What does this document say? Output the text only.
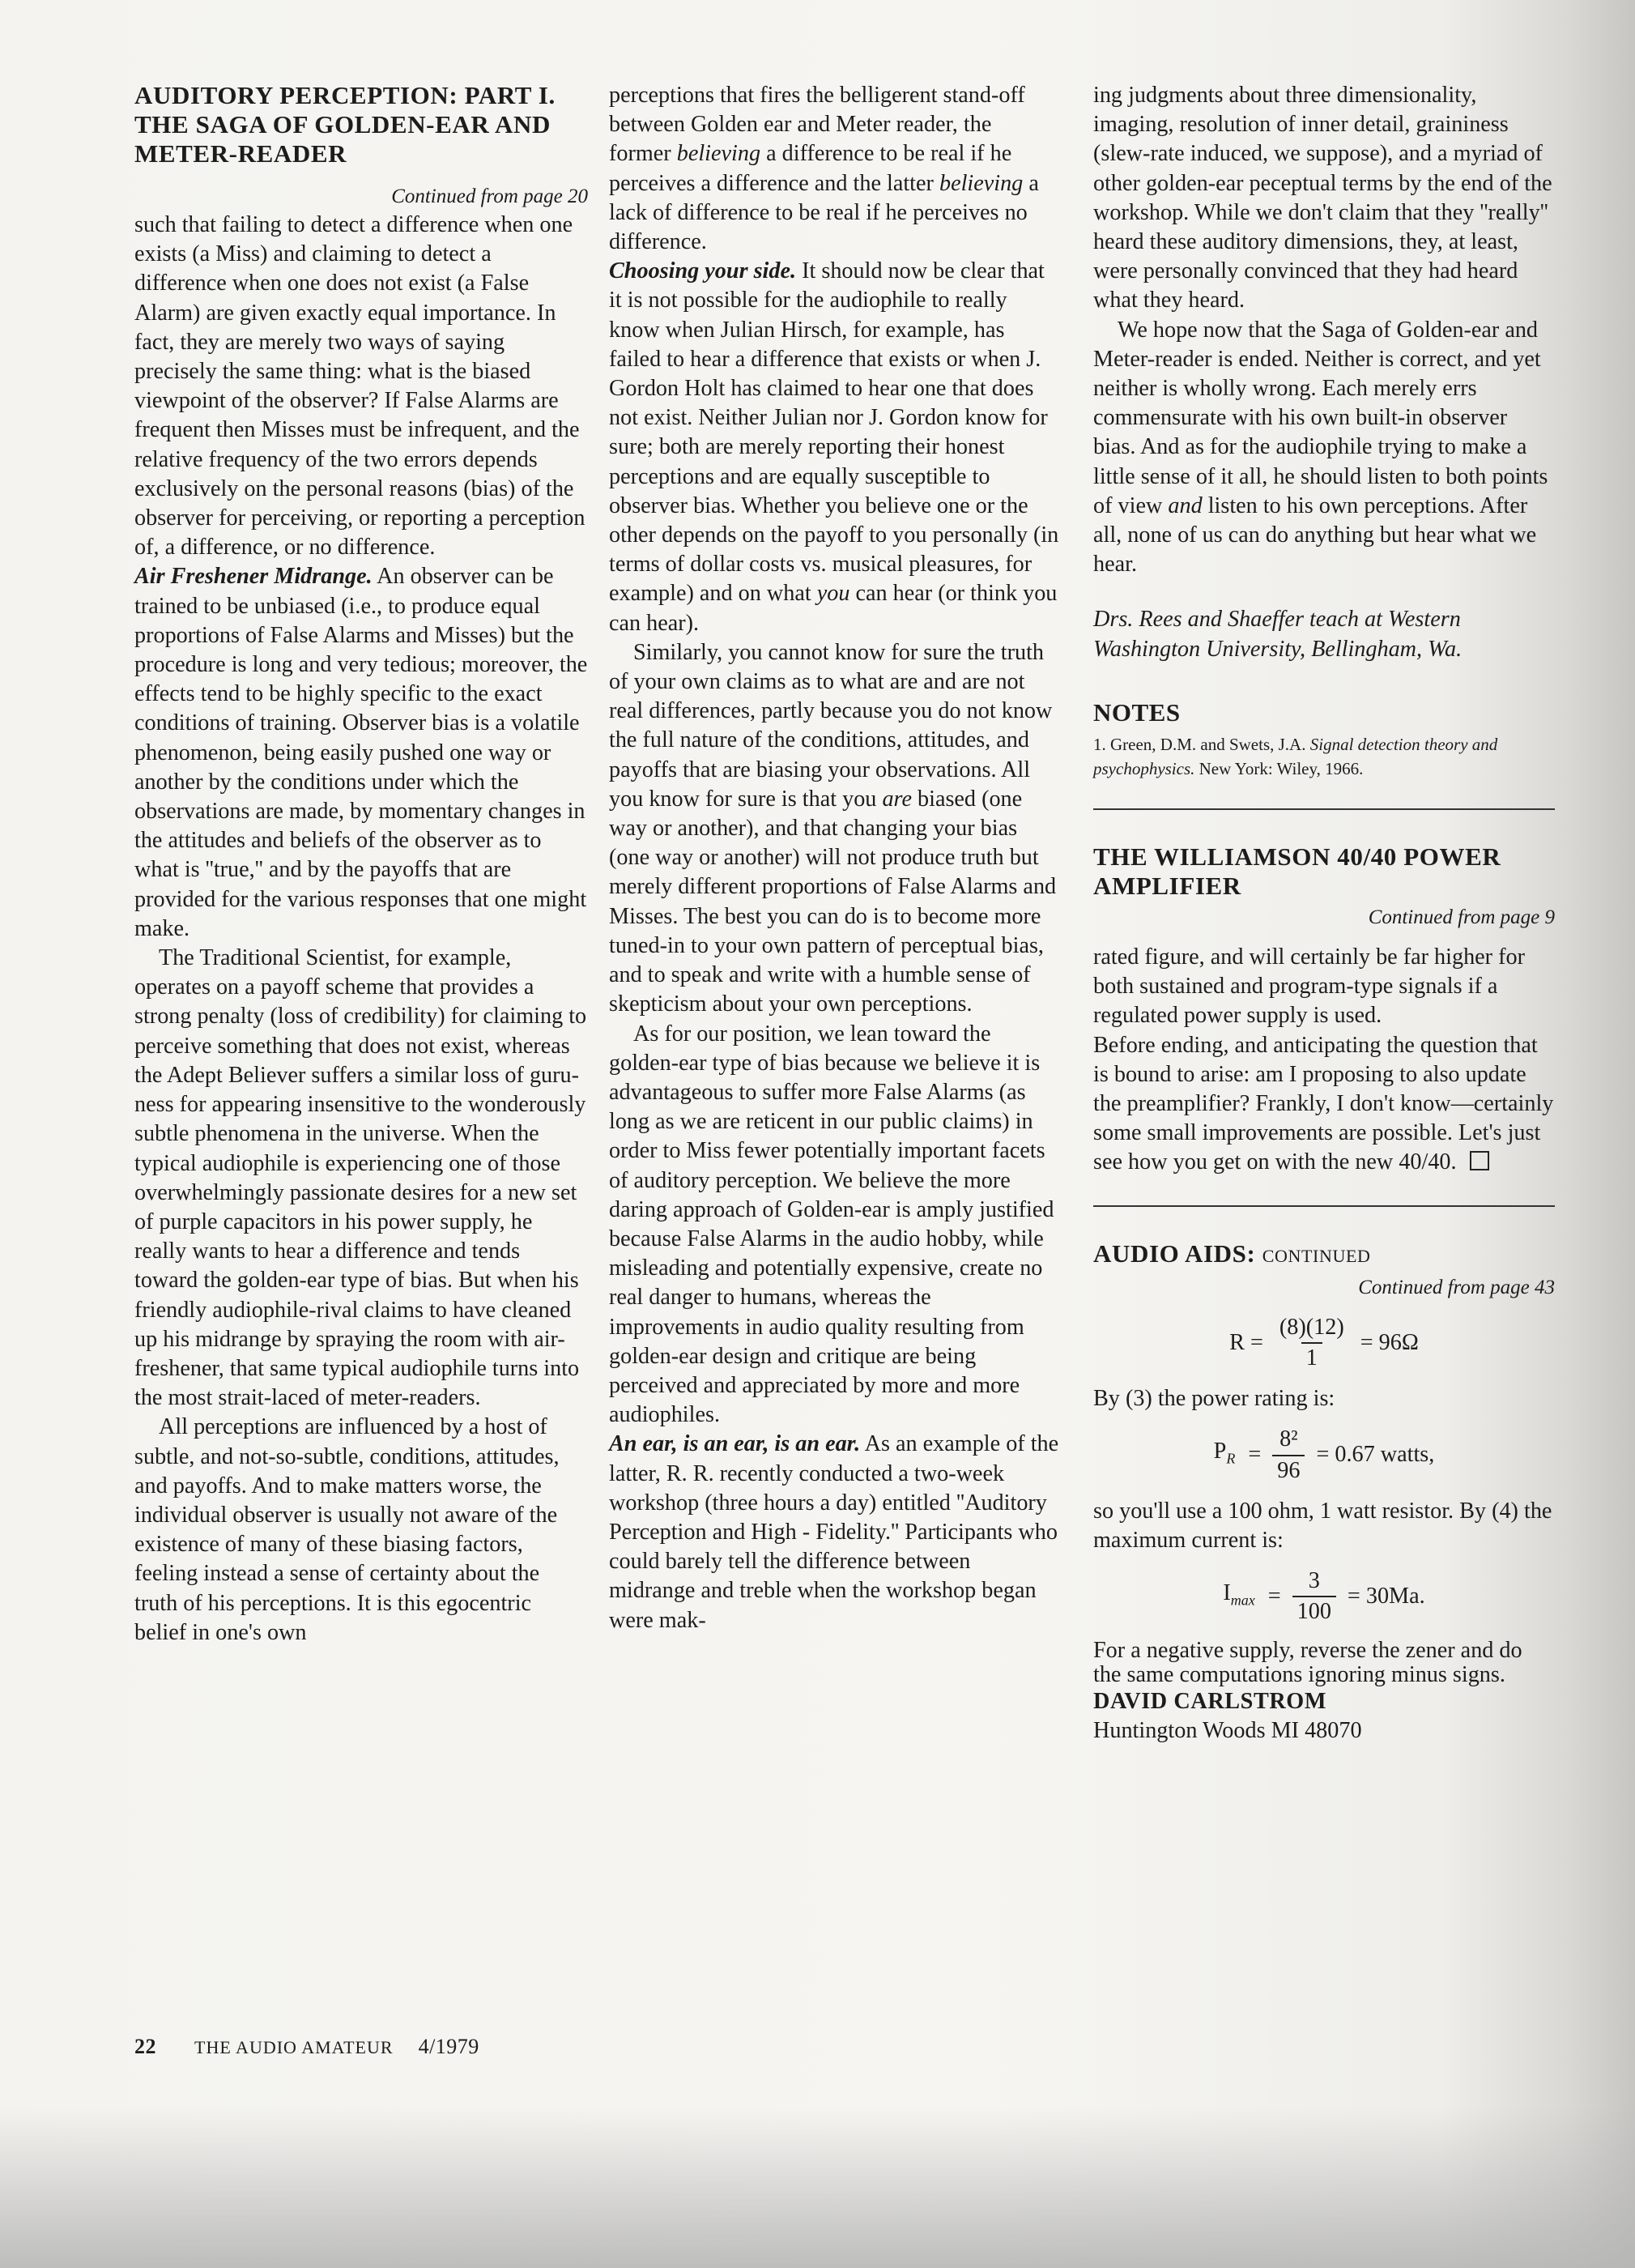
AUDITORY PERCEPTION: PART I. THE SAGA OF GOLDEN-EAR AND METER-READER
Continued from page 20

such that failing to detect a difference when one exists (a Miss) and claiming to detect a difference when one does not exist (a False Alarm) are given exactly equal importance. In fact, they are merely two ways of saying precisely the same thing: what is the biased viewpoint of the observer? If False Alarms are frequent then Misses must be infrequent, and the relative frequency of the two errors depends exclusively on the personal reasons (bias) of the observer for perceiving, or reporting a perception of, a difference, or no difference.

Air Freshener Midrange. An observer can be trained to be unbiased (i.e., to produce equal proportions of False Alarms and Misses) but the procedure is long and very tedious; moreover, the effects tend to be highly specific to the exact conditions of training. Observer bias is a volatile phenomenon, being easily pushed one way or another by the conditions under which the observations are made, by momentary changes in the attitudes and beliefs of the observer as to what is ''true,'' and by the payoffs that are provided for the various responses that one might make.

The Traditional Scientist, for example, operates on a payoff scheme that provides a strong penalty (loss of credibility) for claiming to perceive something that does not exist, whereas the Adept Believer suffers a similar loss of guru-ness for appearing insensitive to the wonderously subtle phenomena in the universe. When the typical audiophile is experiencing one of those overwhelmingly passionate desires for a new set of purple capacitors in his power supply, he really wants to hear a difference and tends toward the golden-ear type of bias. But when his friendly audiophile-rival claims to have cleaned up his midrange by spraying the room with air-freshener, that same typical audiophile turns into the most strait-laced of meter-readers.

All perceptions are influenced by a host of subtle, and not-so-subtle, conditions, attitudes, and payoffs. And to make matters worse, the individual observer is usually not aware of the existence of many of these biasing factors, feeling instead a sense of certainty about the truth of his perceptions. It is this egocentric belief in one's own

perceptions that fires the belligerent stand-off between Golden ear and Meter reader, the former believing a difference to be real if he perceives a difference and the latter believing a lack of difference to be real if he perceives no difference.

Choosing your side. It should now be clear that it is not possible for the audiophile to really know when Julian Hirsch, for example, has failed to hear a difference that exists or when J. Gordon Holt has claimed to hear one that does not exist. Neither Julian nor J. Gordon know for sure; both are merely reporting their honest perceptions and are equally susceptible to observer bias. Whether you believe one or the other depends on the payoff to you personally (in terms of dollar costs vs. musical pleasures, for example) and on what you can hear (or think you can hear).

Similarly, you cannot know for sure the truth of your own claims as to what are and are not real differences, partly because you do not know the full nature of the conditions, attitudes, and payoffs that are biasing your observations. All you know for sure is that you are biased (one way or another), and that changing your bias (one way or another) will not produce truth but merely different proportions of False Alarms and Misses. The best you can do is to become more tuned-in to your own pattern of perceptual bias, and to speak and write with a humble sense of skepticism about your own perceptions.

As for our position, we lean toward the golden-ear type of bias because we believe it is advantageous to suffer more False Alarms (as long as we are reticent in our public claims) in order to Miss fewer potentially important facets of auditory perception. We believe the more daring approach of Golden-ear is amply justified because False Alarms in the audio hobby, while misleading and potentially expensive, create no real danger to humans, whereas the improvements in audio quality resulting from golden-ear design and critique are being perceived and appreciated by more and more audiophiles.

An ear, is an ear, is an ear. As an example of the latter, R. R. recently conducted a two-week workshop (three hours a day) entitled ''Auditory Perception and High - Fidelity.'' Participants who could barely tell the difference between midrange and treble when the workshop began were mak-

ing judgments about three dimensionality, imaging, resolution of inner detail, graininess (slew-rate induced, we suppose), and a myriad of other golden-ear peceptual terms by the end of the workshop. While we don't claim that they ''really'' heard these auditory dimensions, they, at least, were personally convinced that they had heard what they heard.

We hope now that the Saga of Golden-ear and Meter-reader is ended. Neither is correct, and yet neither is wholly wrong. Each merely errs commensurate with his own built-in observer bias. And as for the audiophile trying to make a little sense of it all, he should listen to both points of view and listen to his own perceptions. After all, none of us can do anything but hear what we hear.

Drs. Rees and Shaeffer teach at Western Washington University, Bellingham, Wa.

NOTES

1. Green, D.M. and Swets, J.A. Signal detection theory and psychophysics. New York: Wiley, 1966.

THE WILLIAMSON 40/40 POWER AMPLIFIER
Continued from page 9

rated figure, and will certainly be far higher for both sustained and program-type signals if a regulated power supply is used.

Before ending, and anticipating the question that is bound to arise: am I proposing to also update the preamplifier? Frankly, I don't know—certainly some small improvements are possible. Let's just see how you get on with the new 40/40.

AUDIO AIDS: CONTINUED
Continued from page 43
$R = \frac{(8)(12)}{1} = 96\Omega$

By (3) the power rating is:

$P_R = \frac{\text{8²}}{96} = 0.67$ watts,

so you'll use a 100 ohm, 1 watt resistor. By (4) the maximum current is:

$I_{max} = \frac{3}{100} = 30Ma$.

For a negative supply, reverse the zener and do the same computations ignoring minus signs.

DAVID CARLSTROM
Huntington Woods MI 48070
22 THE AUDIO AMATEUR 4/1979
